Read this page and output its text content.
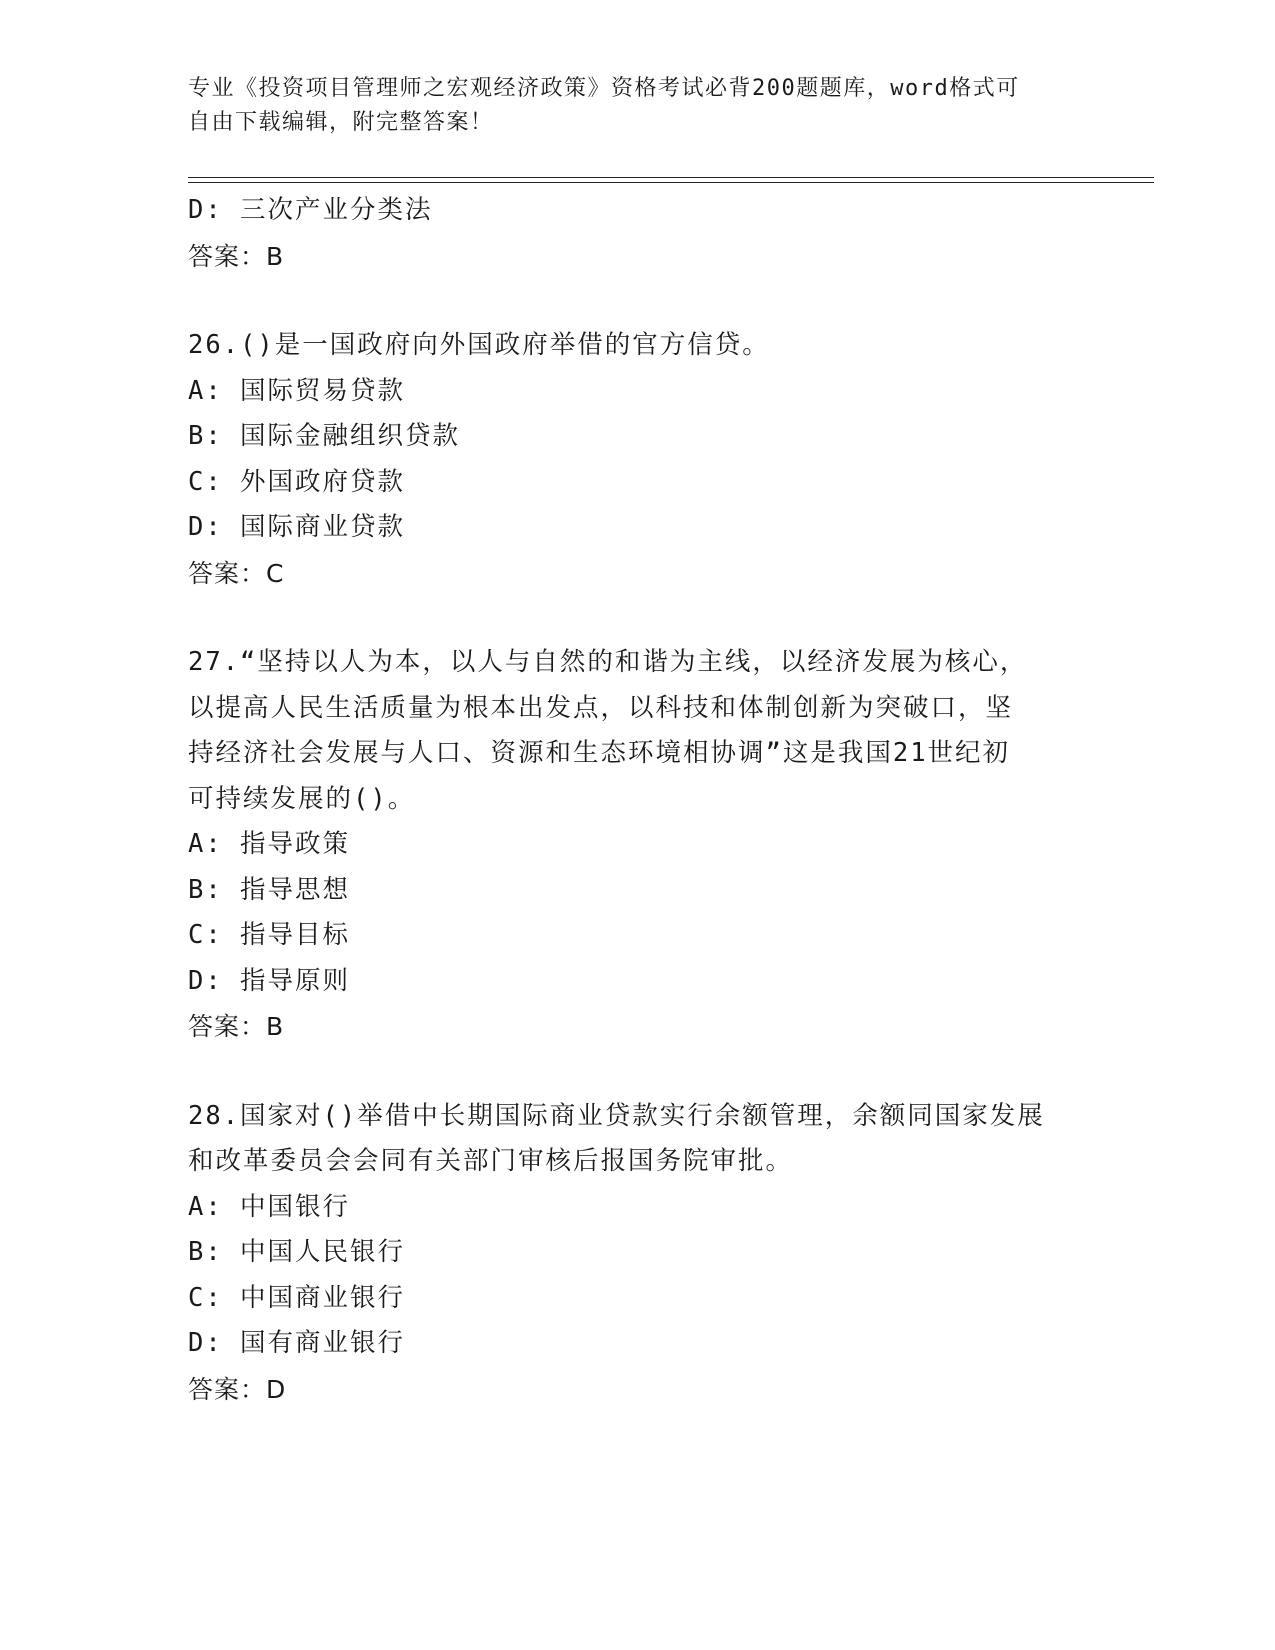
专业《投资项目管理师之宏观经济政策》资格考试必背200题题库，word格式可
自由下载编辑，附完整答案！
D: 三次产业分类法
答案：B
26.()是一国政府向外国政府举借的官方信贷。
A: 国际贸易贷款
B: 国际金融组织贷款
C: 外国政府贷款
D: 国际商业贷款
答案：C
27.“坚持以人为本，以人与自然的和谐为主线，以经济发展为核心，
以提高人民生活质量为根本出发点，以科技和体制创新为突破口，坚
持经济社会发展与人口、资源和生态环境相协调”这是我国21世纪初
可持续发展的()。
A: 指导政策
B: 指导思想
C: 指导目标
D: 指导原则
答案：B
28.国家对()举借中长期国际商业贷款实行余额管理，余额同国家发展
和改革委员会会同有关部门审核后报国务院审批。
A: 中国银行
B: 中国人民银行
C: 中国商业银行
D: 国有商业银行
答案：D
